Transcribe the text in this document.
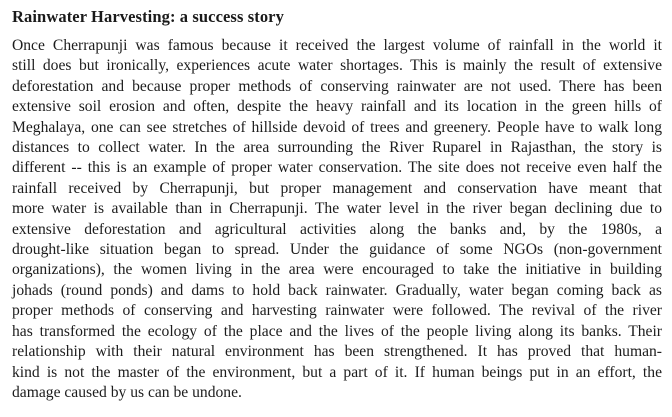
Rainwater Harvesting: a success story
Once Cherrapunji was famous because it received the largest volume of rainfall in the world it
still does but ironically, experiences acute water shortages. This is mainly the result of extensive
deforestation and because proper methods of conserving rainwater are not used. There has been
extensive soil erosion and often, despite the heavy rainfall and its location in the green hills of
Meghalaya, one can see stretches of hillside devoid of trees and greenery. People have to walk long
distances to collect water. In the area surrounding the River Ruparel in Rajasthan, the story is
different -- this is an example of proper water conservation. The site does not receive even half the
rainfall received by Cherrapunji, but proper management and conservation have meant that
more water is available than in Cherrapunji. The water level in the river began declining due to
extensive deforestation and agricultural activities along the banks and, by the 1980s, a
drought-like situation began to spread. Under the guidance of some NGOs (non-government
organizations), the women living in the area were encouraged to take the initiative in building
johads (round ponds) and dams to hold back rainwater. Gradually, water began coming back as
proper methods of conserving and harvesting rainwater were followed. The revival of the river
has transformed the ecology of the place and the lives of the people living along its banks. Their
relationship with their natural environment has been strengthened. It has proved that human-
kind is not the master of the environment, but a part of it. If human beings put in an effort, the
damage caused by us can be undone.
